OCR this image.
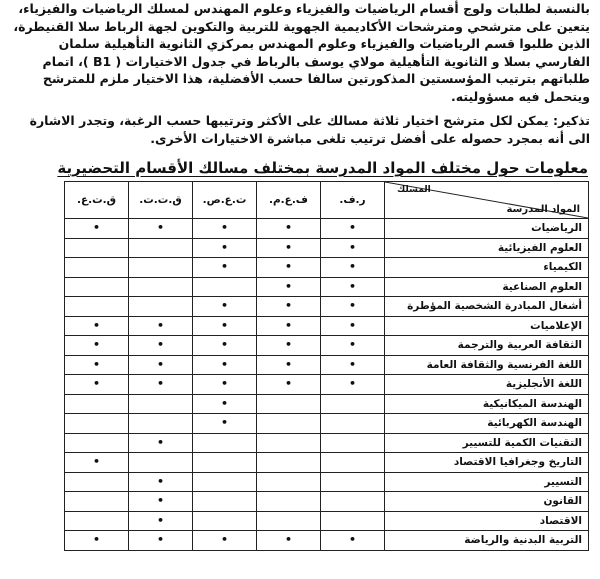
بالنسبة لطلبات ولوج أقسام الرياضيات والفيزياء وعلوم المهندس لمسلك الرياضيات والفيزياء، يتعين على مترشحي ومترشحات الأكاديمية الجهوية للتربية والتكوين لجهة الرباط سلا القنيطرة، الذين طلبوا قسم الرياضيات والفيزياء وعلوم المهندس بمركزي الثانوية التأهيلية سلمان الفارسي بسلا و الثانوية التأهيلية مولاي يوسف بالرباط في جدول الاختيارات ( B1 )، اتمام طلباتهم بترتيب المؤسستين المذكورتين سالفا حسب الأفضلية، هذا الاختيار ملزم للمترشح ويتحمل فيه مسؤوليته.

تذكير: يمكن لكل مترشح اختيار ثلاثة مسالك على الأكثر وترتيبها حسب الرغبة، وتجدر الاشارة الى أنه بمجرد حصوله على أفضل ترتيب تلغى مباشرة الاختيارات الأخرى.

معلومات حول مختلف المواد المدرسة بمختلف مسالك الأقسام التحضيرية
المسلك
المواد المدرسة	ر.ف.	ف.ع.م.	ت.ع.ص.	ق.ت.ت.	ق.ت.ع.
الرياضيات	•	•	•	•	•
العلوم الفيزيائية	•	•	•		
الكيمياء	•	•	•		
العلوم الصناعية	•	•			
أشغال المبادرة الشخصية المؤطرة	•	•	•		
الإعلاميات	•	•	•	•	•
الثقافة العربية والترجمة	•	•	•	•	•
اللغة الفرنسية والثقافة العامة	•	•	•	•	•
اللغة الأنجليزية	•	•	•	•	•
الهندسة الميكانيكية			•		
الهندسة الكهربائية			•		
التقنيات الكمية للتسيير				•	
التاريخ وجغرافيا الاقتصاد					•
التسيير				•	
القانون				•	
الاقتصاد				•	
التربية البدنية والرياضة	•	•	•	•	•
